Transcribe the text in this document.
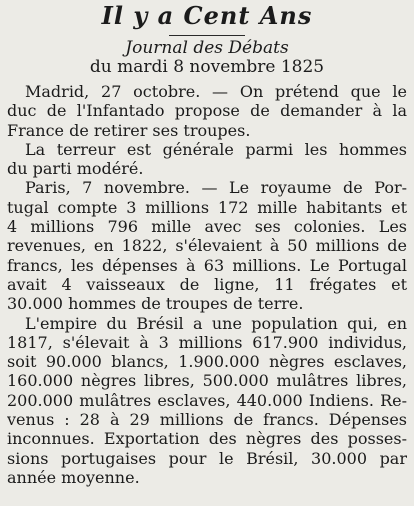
Il y a Cent Ans

Journal des Débats

du mardi 8 novembre 1825

Madrid, 27 octobre. — On prétend que le
duc de l'Infantado propose de demander à la
France de retirer ses troupes.
La terreur est générale parmi les hommes
du parti modéré.
Paris, 7 novembre. — Le royaume de Por-
tugal compte 3 millions 172 mille habitants et
4 millions 796 mille avec ses colonies. Les
revenues, en 1822, s'élevaient à 50 millions de
francs, les dépenses à 63 millions. Le Portugal
avait 4 vaisseaux de ligne, 11 frégates et
30.000 hommes de troupes de terre.
L'empire du Brésil a une population qui, en
1817, s'élevait à 3 millions 617.900 individus,
soit 90.000 blancs, 1.900.000 nègres esclaves,
160.000 nègres libres, 500.000 mulâtres libres,
200.000 mulâtres esclaves, 440.000 Indiens. Re-
venus : 28 à 29 millions de francs. Dépenses
inconnues. Exportation des nègres des posses-
sions portugaises pour le Brésil, 30.000 par
année moyenne.
